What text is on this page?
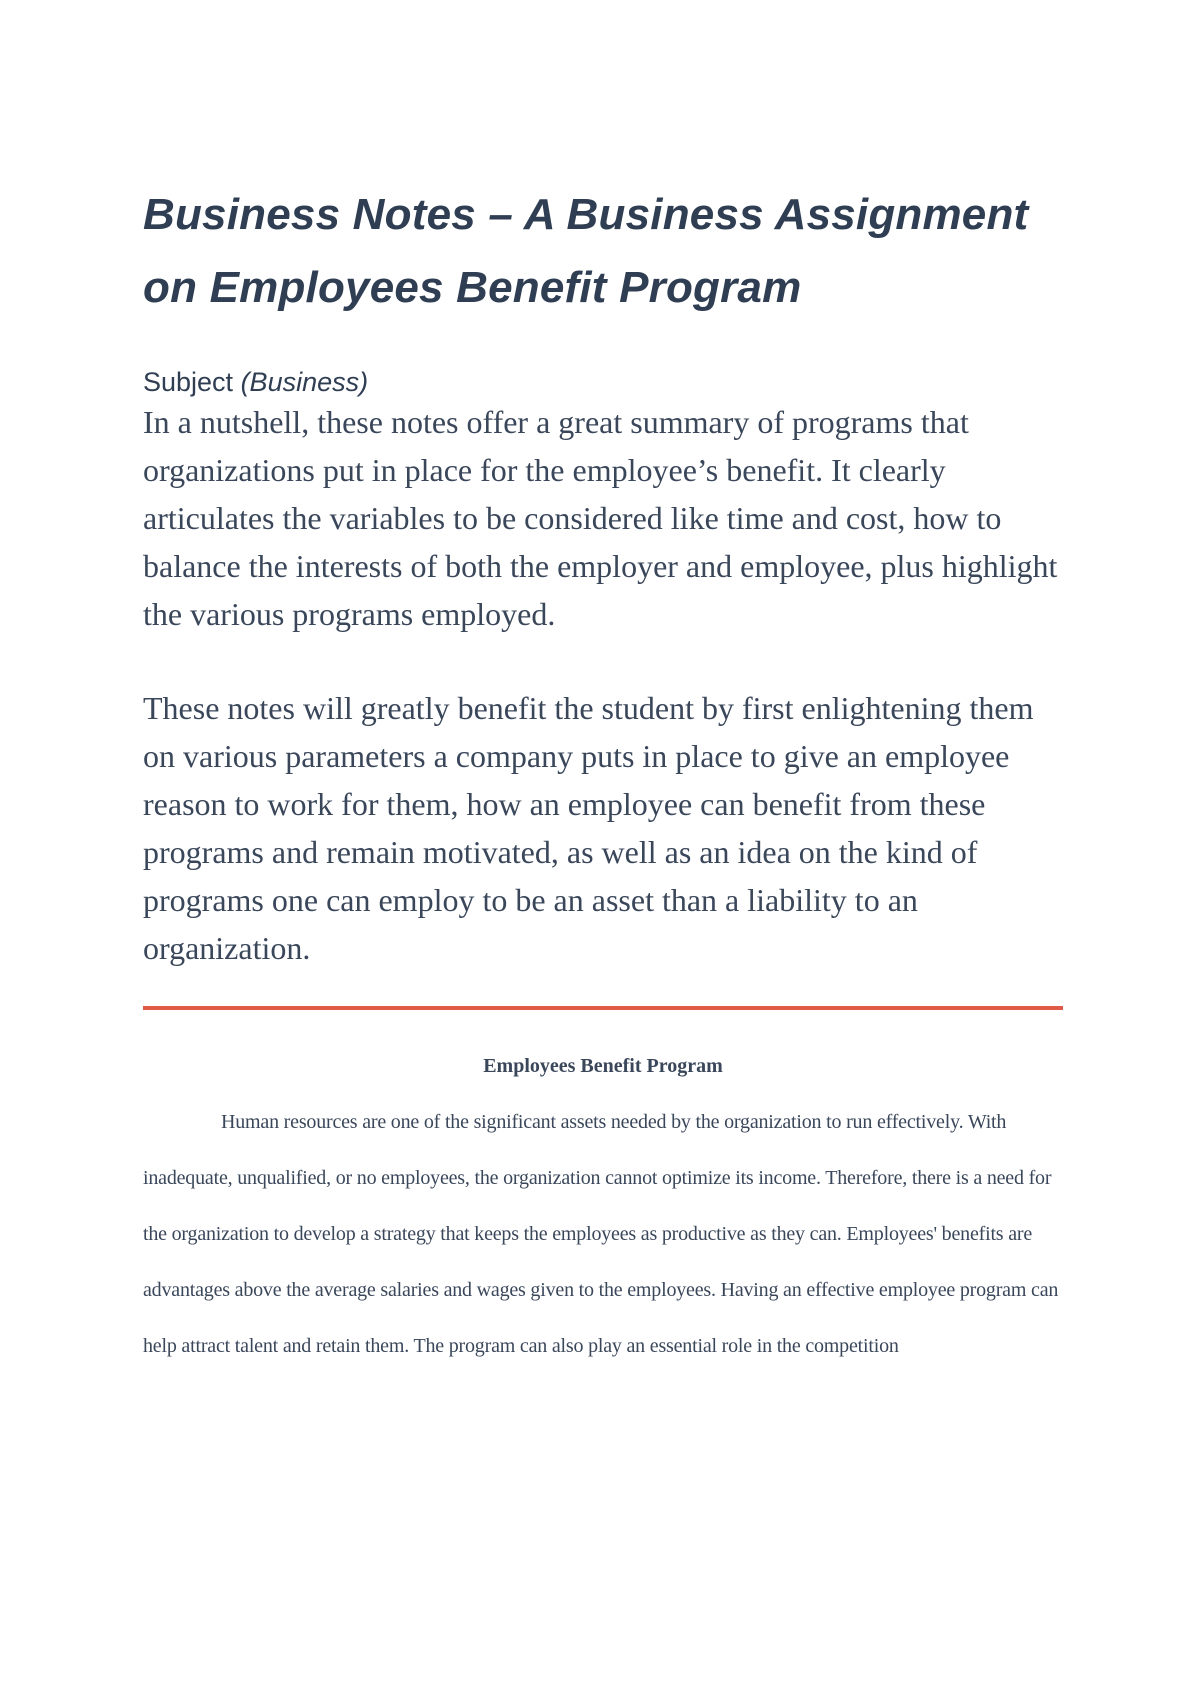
Business Notes – A Business Assignment on Employees Benefit Program
Subject (Business)

In a nutshell, these notes offer a great summary of programs that organizations put in place for the employee’s benefit. It clearly articulates the variables to be considered like time and cost, how to balance the interests of both the employer and employee, plus highlight the various programs employed.

These notes will greatly benefit the student by first enlightening them on various parameters a company puts in place to give an employee reason to work for them, how an employee can benefit from these programs and remain motivated, as well as an idea on the kind of programs one can employ to be an asset than a liability to an organization.

Employees Benefit Program
Human resources are one of the significant assets needed by the organization to run effectively. With inadequate, unqualified, or no employees, the organization cannot optimize its income. Therefore, there is a need for the organization to develop a strategy that keeps the employees as productive as they can. Employees' benefits are advantages above the average salaries and wages given to the employees. Having an effective employee program can help attract talent and retain them. The program can also play an essential role in the competition
